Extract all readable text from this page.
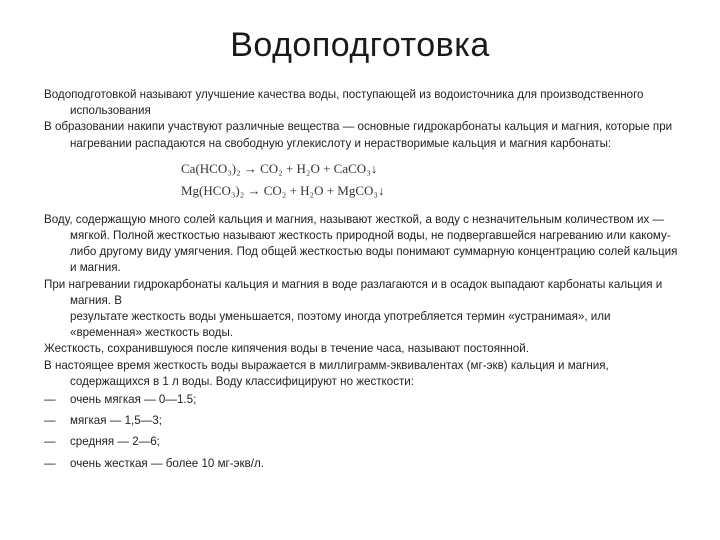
Водоподготовка

Водоподготовкой называют улучшение качества воды, поступающей из водоисточника для производственного использования

В образовании накипи участвуют различные вещества — основные гидрокарбонаты кальция и магния, которые при нагревании распадаются на свободную углекислоту и нерастворимые кальция и магния карбонаты:

Ca(HCO₃)₂ → CO₂ + H₂O + CaCO₃↓
Mg(HCO₃)₂ → CO₂ + H₂O + MgCO₃↓

Воду, содержащую много солей кальция и магния, называют жесткой, а воду с незначительным количеством их — мягкой. Полной жесткостью называют жесткость природной воды, не подвергавшейся нагреванию или какому-либо другому виду умягчения. Под общей жесткостью воды понимают суммарную концентрацию солей кальция и магния.

При нагревании гидрокарбонаты кальция и магния в воде разлагаются и в осадок выпадают карбонаты кальция и магния. В

результате жесткость воды уменьшается, поэтому иногда употребляется термин «устранимая», или «временная» жесткость воды.

Жесткость, сохранившуюся после кипячения воды в течение часа, называют постоянной.

В настоящее время жесткость воды выражается в миллиграмм-эквивалентах (мг-экв) кальция и магния, содержащихся в 1 л воды. Воду классифицируют но жесткости:

—	очень мягкая — 0—1.5;
—	мягкая — 1,5—3;
—	средняя — 2—6;
—	очень жесткая — более 10 мг-экв/л.
